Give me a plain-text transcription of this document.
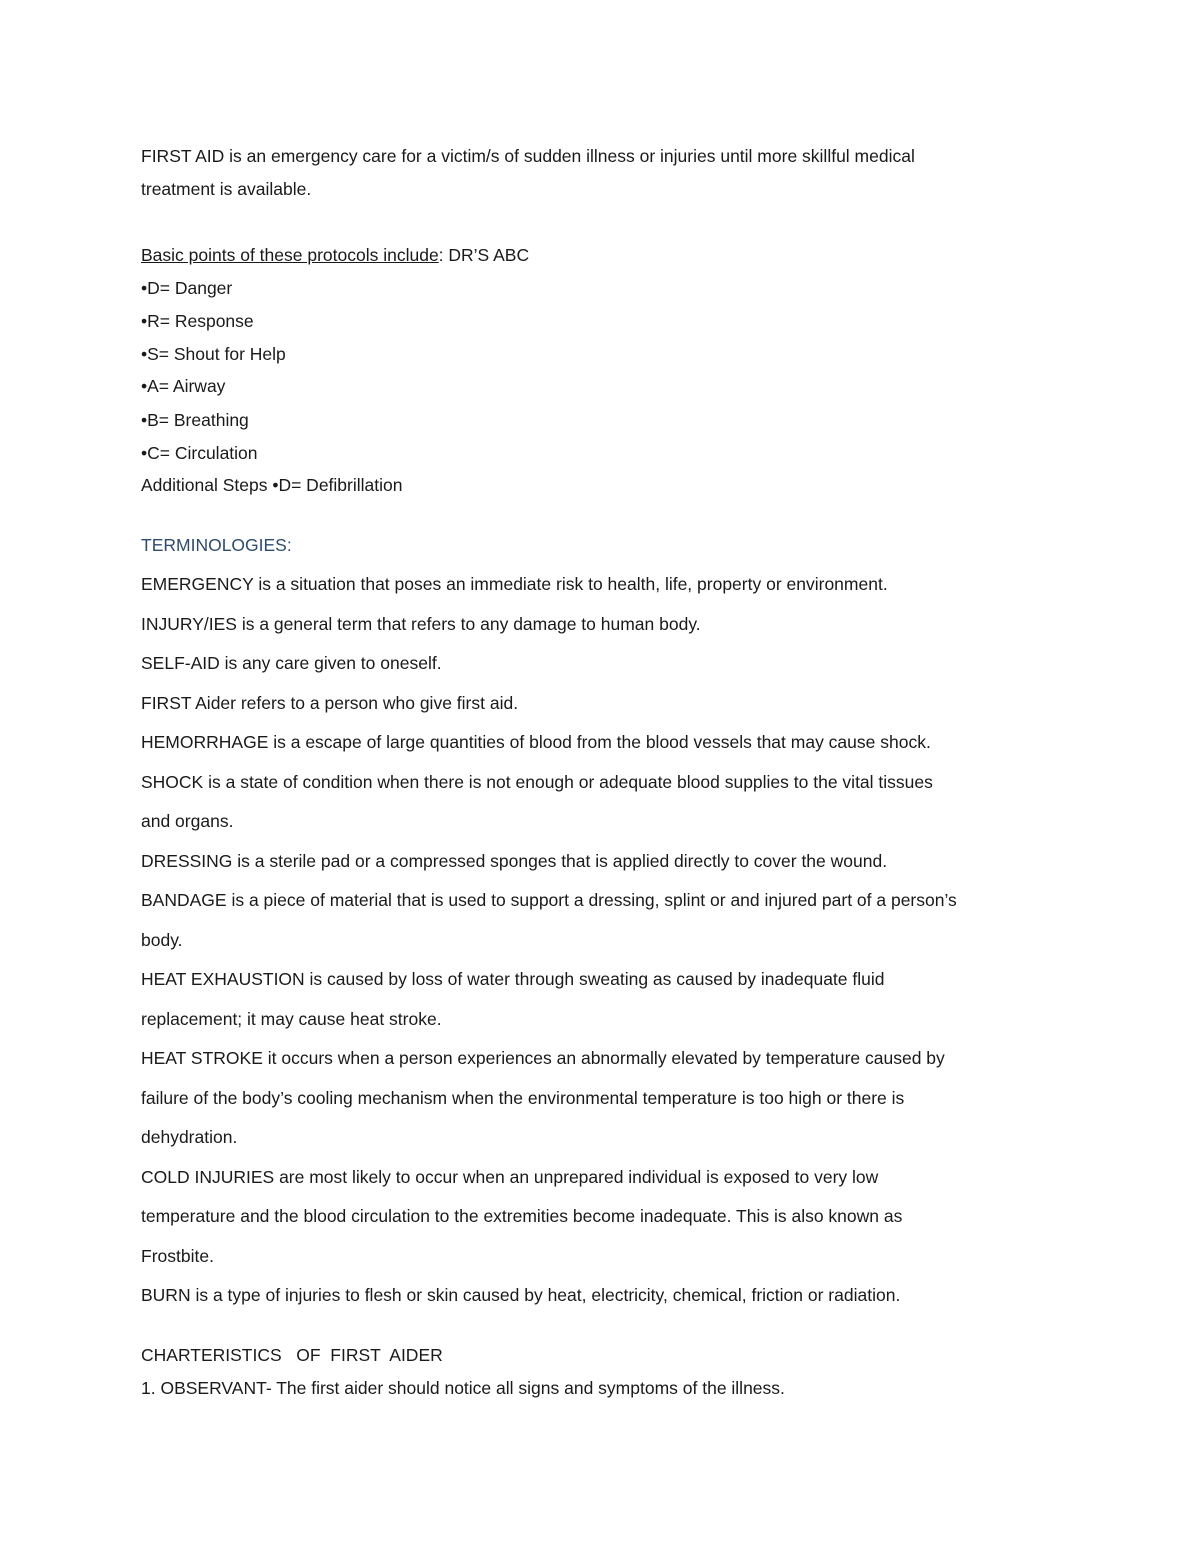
FIRST AID is an emergency care for a victim/s of sudden illness or injuries until more skillful medical

treatment is available.

Basic points of these protocols include: DR’S ABC

•D= Danger

•R= Response

•S= Shout for Help

•A= Airway

•B= Breathing

•C= Circulation

Additional Steps •D= Defibrillation

TERMINOLOGIES:

EMERGENCY is a situation that poses an immediate risk to health, life, property or environment.

INJURY/IES is a general term that refers to any damage to human body.

SELF-AID is any care given to oneself.

FIRST Aider refers to a person who give first aid.

HEMORRHAGE is a escape of large quantities of blood from the blood vessels that may cause shock.

SHOCK is a state of condition when there is not enough or adequate blood supplies to the vital tissues

and organs.

DRESSING is a sterile pad or a compressed sponges that is applied directly to cover the wound.

BANDAGE is a piece of material that is used to support a dressing, splint or and injured part of a person’s

body.

HEAT EXHAUSTION is caused by loss of water through sweating as caused by inadequate fluid

replacement; it may cause heat stroke.

HEAT STROKE it occurs when a person experiences an abnormally elevated by temperature caused by

failure of the body’s cooling mechanism when the environmental temperature is too high or there is

dehydration.

COLD INJURIES are most likely to occur when an unprepared individual is exposed to very low

temperature and the blood circulation to the extremities become inadequate. This is also known as

Frostbite.

BURN is a type of injuries to flesh or skin caused by heat, electricity, chemical, friction or radiation.

CHARTERISTICS   OF  FIRST  AIDER

1. OBSERVANT- The first aider should notice all signs and symptoms of the illness.
